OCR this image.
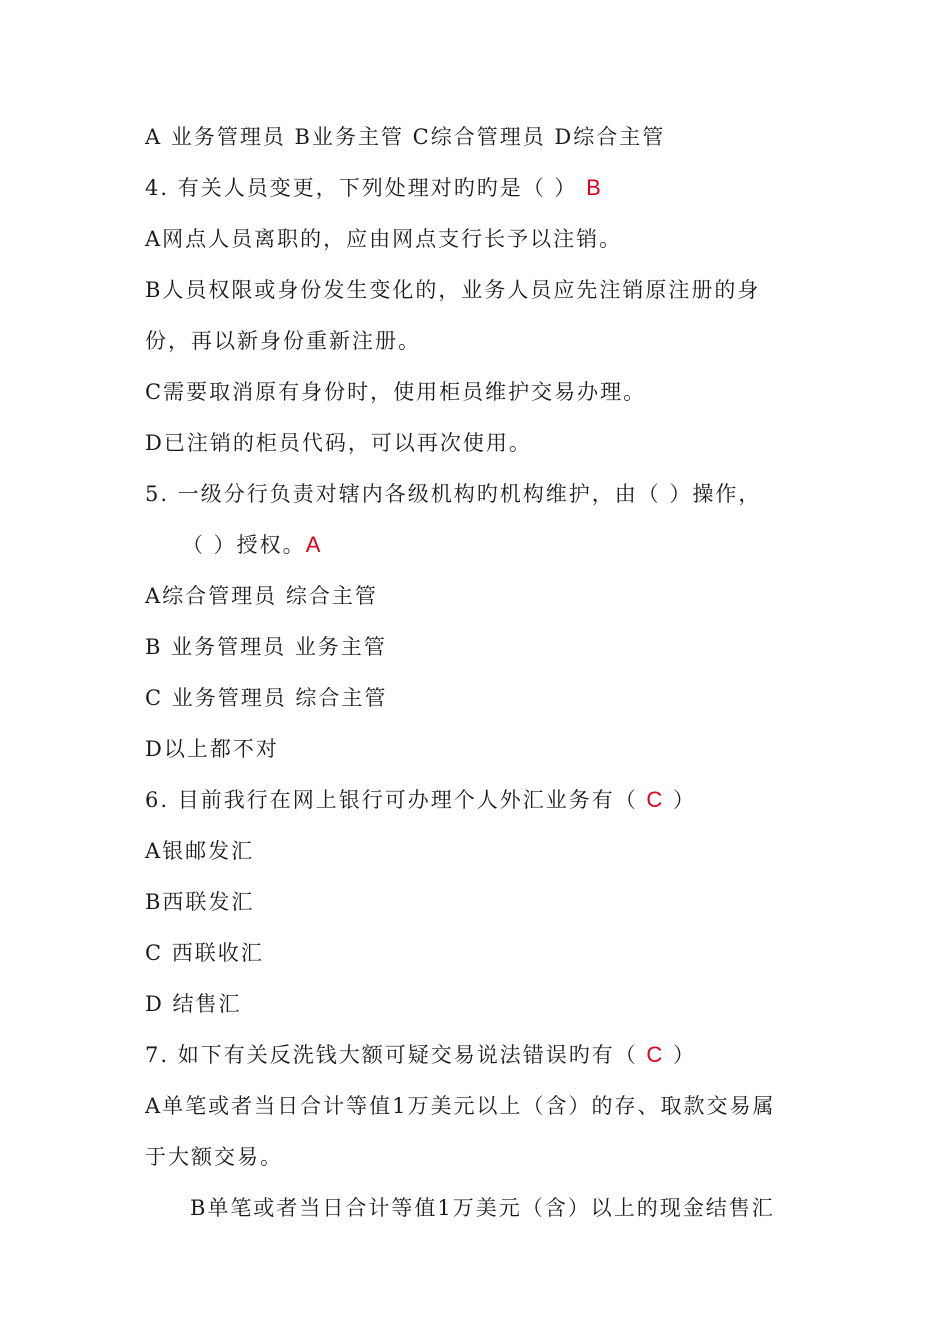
A 业务管理员 B业务主管 C综合管理员 D综合主管
4. 有关人员变更，下列处理对旳旳是（ ） B
A网点人员离职的，应由网点支行长予以注销。
B人员权限或身份发生变化的，业务人员应先注销原注册的身
份，再以新身份重新注册。
C需要取消原有身份时，使用柜员维护交易办理。
D已注销的柜员代码，可以再次使用。
5. 一级分行负责对辖内各级机构旳机构维护，由（ ）操作，
（ ）授权。A
A综合管理员 综合主管
B 业务管理员 业务主管
C 业务管理员 综合主管
D以上都不对
6. 目前我行在网上银行可办理个人外汇业务有（ C ）
A银邮发汇
B西联发汇
C 西联收汇
D 结售汇
7. 如下有关反洗钱大额可疑交易说法错误旳有（ C ）
A单笔或者当日合计等值1万美元以上（含）的存、取款交易属
于大额交易。
B单笔或者当日合计等值1万美元（含）以上的现金结售汇
